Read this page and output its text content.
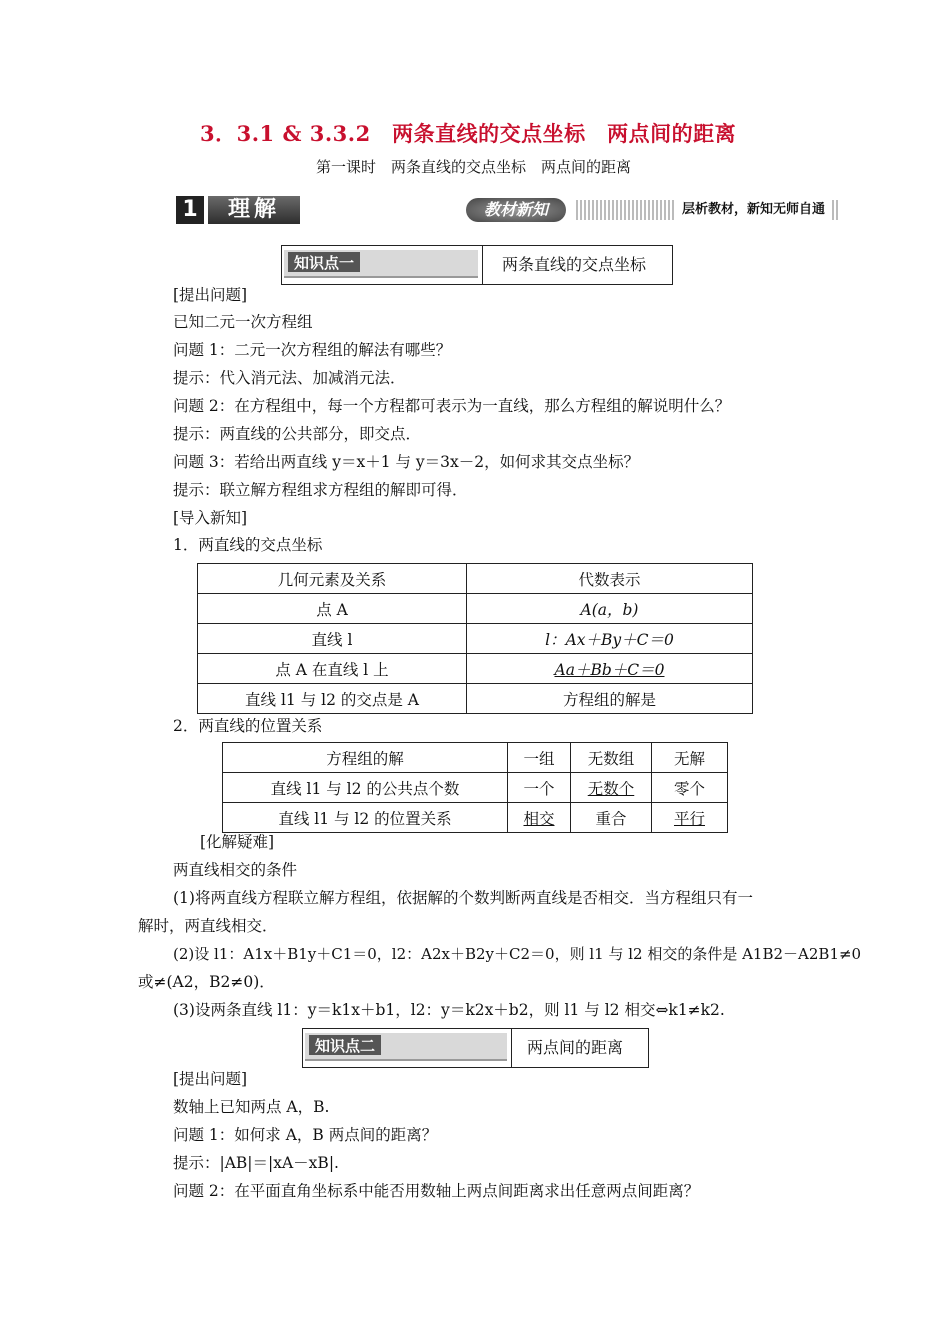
3．3.1 & 3.3.2　两条直线的交点坐标　两点间的距离
第一课时　两条直线的交点坐标　两点间的距离
1	理解	教材新知	层析教材，新知无师自通
知识点一	两条直线的交点坐标
[提出问题]
已知二元一次方程组
问题 1：二元一次方程组的解法有哪些？
提示：代入消元法、加减消元法．
问题 2：在方程组中，每一个方程都可表示为一直线，那么方程组的解说明什么？
提示：两直线的公共部分，即交点．
问题 3：若给出两直线 y＝x＋1 与 y＝3x－2，如何求其交点坐标？
提示：联立解方程组求方程组的解即可得．
[导入新知]
1．两直线的交点坐标
几何元素及关系	代数表示
点 A	A(a，b)
直线 l	l：Ax＋By＋C＝0
点 A 在直线 l 上	Aa＋Bb＋C＝0
直线 l1 与 l2 的交点是 A	方程组的解是
2．两直线的位置关系
方程组的解	一组	无数组	无解
直线 l1 与 l2 的公共点个数	一个	无数个	零个
直线 l1 与 l2 的位置关系	相交	重合	平行
[化解疑难]
两直线相交的条件
(1)将两直线方程联立解方程组，依据解的个数判断两直线是否相交．当方程组只有一
解时，两直线相交．
(2)设 l1：A1x＋B1y＋C1＝0，l2：A2x＋B2y＋C2＝0，则 l1 与 l2 相交的条件是 A1B2－A2B1≠0
或≠(A2，B2≠0)．
(3)设两条直线 l1：y＝k1x＋b1，l2：y＝k2x＋b2，则 l1 与 l2 相交⇔k1≠k2.
知识点二	两点间的距离
[提出问题]
数轴上已知两点 A，B.
问题 1：如何求 A，B 两点间的距离？
提示：|AB|＝|xA－xB|.
问题 2：在平面直角坐标系中能否用数轴上两点间距离求出任意两点间距离？
